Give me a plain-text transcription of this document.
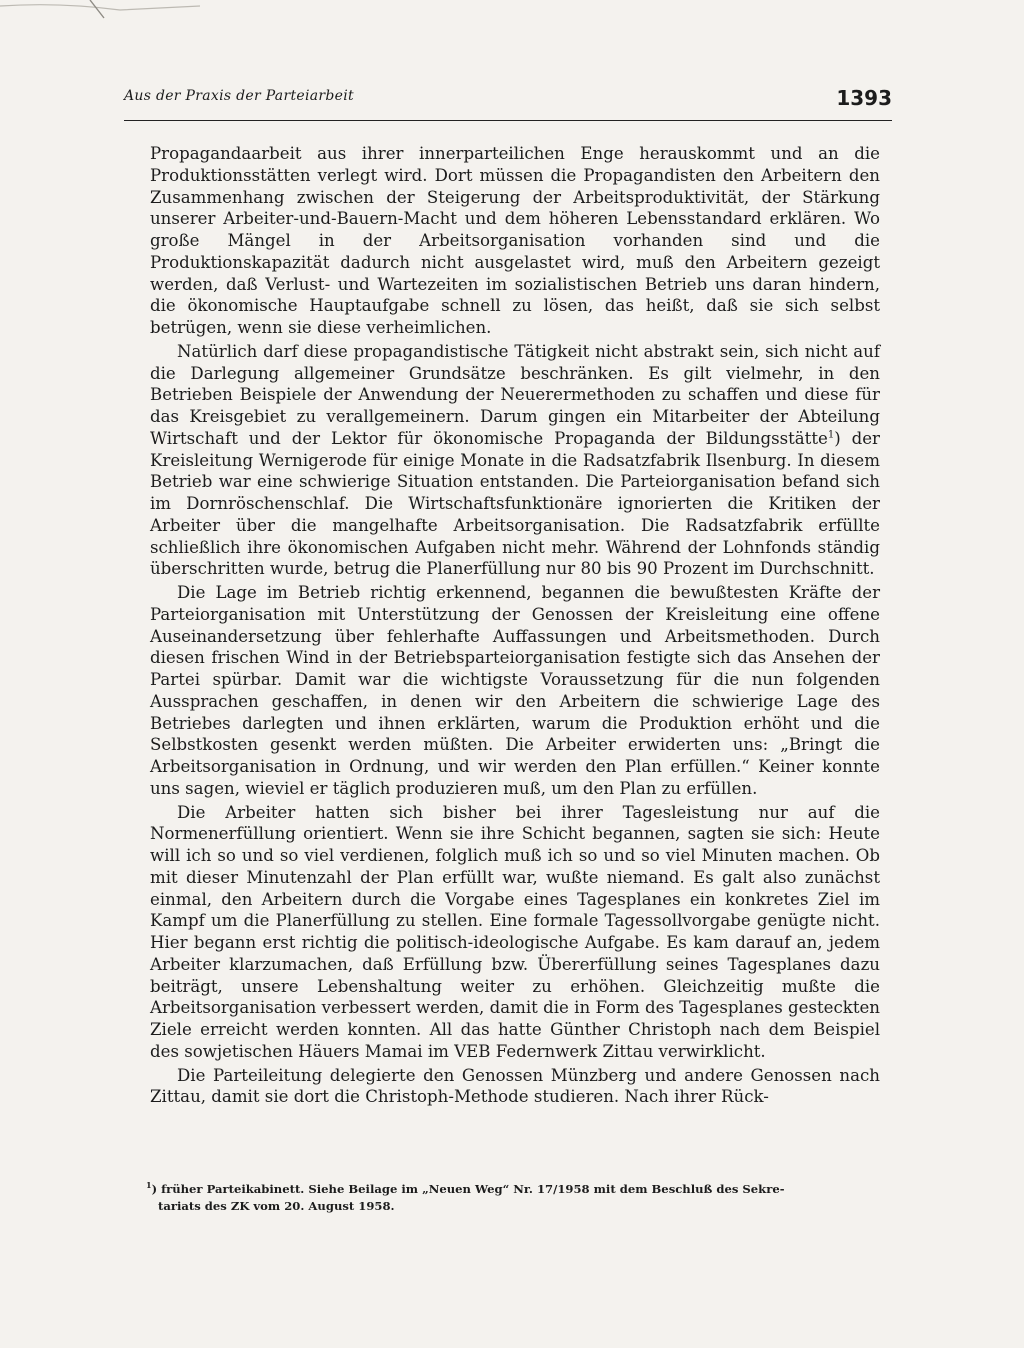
Aus der Praxis der Parteiarbeit	1393

Propagandaarbeit aus ihrer innerparteilichen Enge herauskommt und an die Produktionsstätten verlegt wird. Dort müssen die Propagandisten den Arbeitern den Zusammenhang zwischen der Steigerung der Arbeitsproduktivität, der Stärkung unserer Arbeiter-und-Bauern-Macht und dem höheren Lebensstandard erklären. Wo große Mängel in der Arbeitsorganisation vorhanden sind und die Produktionskapazität dadurch nicht ausgelastet wird, muß den Arbeitern gezeigt werden, daß Verlust- und Wartezeiten im sozialistischen Betrieb uns daran hindern, die ökonomische Hauptaufgabe schnell zu lösen, das heißt, daß sie sich selbst betrügen, wenn sie diese verheimlichen.

Natürlich darf diese propagandistische Tätigkeit nicht abstrakt sein, sich nicht auf die Darlegung allgemeiner Grundsätze beschränken. Es gilt vielmehr, in den Betrieben Beispiele der Anwendung der Neuerermethoden zu schaffen und diese für das Kreisgebiet zu verallgemeinern. Darum gingen ein Mitarbeiter der Abteilung Wirtschaft und der Lektor für ökonomische Propaganda der Bildungsstätte$^1$) der Kreisleitung Wernigerode für einige Monate in die Radsatzfabrik Ilsenburg. In diesem Betrieb war eine schwierige Situation entstanden. Die Parteiorganisation befand sich im Dornröschenschlaf. Die Wirtschaftsfunktionäre ignorierten die Kritiken der Arbeiter über die mangelhafte Arbeitsorganisation. Die Radsatzfabrik erfüllte schließlich ihre ökonomischen Aufgaben nicht mehr. Während der Lohnfonds ständig überschritten wurde, betrug die Planerfüllung nur 80 bis 90 Prozent im Durchschnitt.

Die Lage im Betrieb richtig erkennend, begannen die bewußtesten Kräfte der Parteiorganisation mit Unterstützung der Genossen der Kreisleitung eine offene Auseinandersetzung über fehlerhafte Auffassungen und Arbeitsmethoden. Durch diesen frischen Wind in der Betriebsparteiorganisation festigte sich das Ansehen der Partei spürbar. Damit war die wichtigste Voraussetzung für die nun folgenden Aussprachen geschaffen, in denen wir den Arbeitern die schwierige Lage des Betriebes darlegten und ihnen erklärten, warum die Produktion erhöht und die Selbstkosten gesenkt werden müßten. Die Arbeiter erwiderten uns: „Bringt die Arbeitsorganisation in Ordnung, und wir werden den Plan erfüllen.“ Keiner konnte uns sagen, wieviel er täglich produzieren muß, um den Plan zu erfüllen.

Die Arbeiter hatten sich bisher bei ihrer Tagesleistung nur auf die Normenerfüllung orientiert. Wenn sie ihre Schicht begannen, sagten sie sich: Heute will ich so und so viel verdienen, folglich muß ich so und so viel Minuten machen. Ob mit dieser Minutenzahl der Plan erfüllt war, wußte niemand. Es galt also zunächst einmal, den Arbeitern durch die Vorgabe eines Tagesplanes ein konkretes Ziel im Kampf um die Planerfüllung zu stellen. Eine formale Tagessollvorgabe genügte nicht. Hier begann erst richtig die politisch-ideologische Aufgabe. Es kam darauf an, jedem Arbeiter klarzumachen, daß Erfüllung bzw. Übererfüllung seines Tagesplanes dazu beiträgt, unsere Lebenshaltung weiter zu erhöhen. Gleichzeitig mußte die Arbeitsorganisation verbessert werden, damit die in Form des Tagesplanes gesteckten Ziele erreicht werden konnten. All das hatte Günther Christoph nach dem Beispiel des sowjetischen Häuers Mamai im VEB Federnwerk Zittau verwirklicht.

Die Parteileitung delegierte den Genossen Münzberg und andere Genossen nach Zittau, damit sie dort die Christoph-Methode studieren. Nach ihrer Rück-

$^1$) früher Parteikabinett. Siehe Beilage im „Neuen Weg“ Nr. 17/1958 mit dem Beschluß des Sekre-
tariats des ZK vom 20. August 1958.
